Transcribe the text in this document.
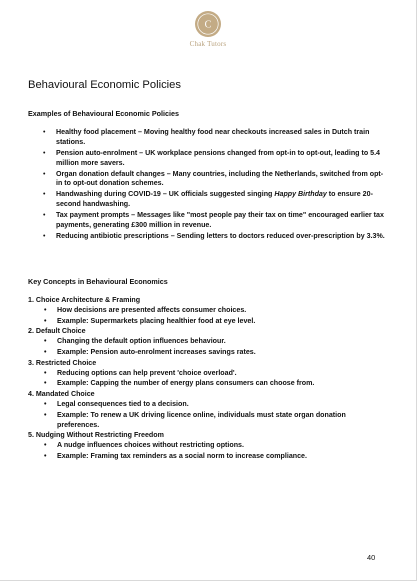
C
Chak Tutors
Behavioural Economic Policies
Examples of Behavioural Economic Policies
• Healthy food placement – Moving healthy food near checkouts increased sales in Dutch train stations.
• Pension auto-enrolment – UK workplace pensions changed from opt-in to opt-out, leading to 5.4 million more savers.
• Organ donation default changes – Many countries, including the Netherlands, switched from opt-in to opt-out donation schemes.
• Handwashing during COVID-19 – UK officials suggested singing Happy Birthday to ensure 20-second handwashing.
• Tax payment prompts – Messages like "most people pay their tax on time" encouraged earlier tax payments, generating £300 million in revenue.
• Reducing antibiotic prescriptions – Sending letters to doctors reduced over-prescription by 3.3%.
Key Concepts in Behavioural Economics
1. Choice Architecture & Framing
• How decisions are presented affects consumer choices.
• Example: Supermarkets placing healthier food at eye level.
2. Default Choice
• Changing the default option influences behaviour.
• Example: Pension auto-enrolment increases savings rates.
3. Restricted Choice
• Reducing options can help prevent 'choice overload'.
• Example: Capping the number of energy plans consumers can choose from.
4. Mandated Choice
• Legal consequences tied to a decision.
• Example: To renew a UK driving licence online, individuals must state organ donation preferences.
5. Nudging Without Restricting Freedom
• A nudge influences choices without restricting options.
• Example: Framing tax reminders as a social norm to increase compliance.
40
